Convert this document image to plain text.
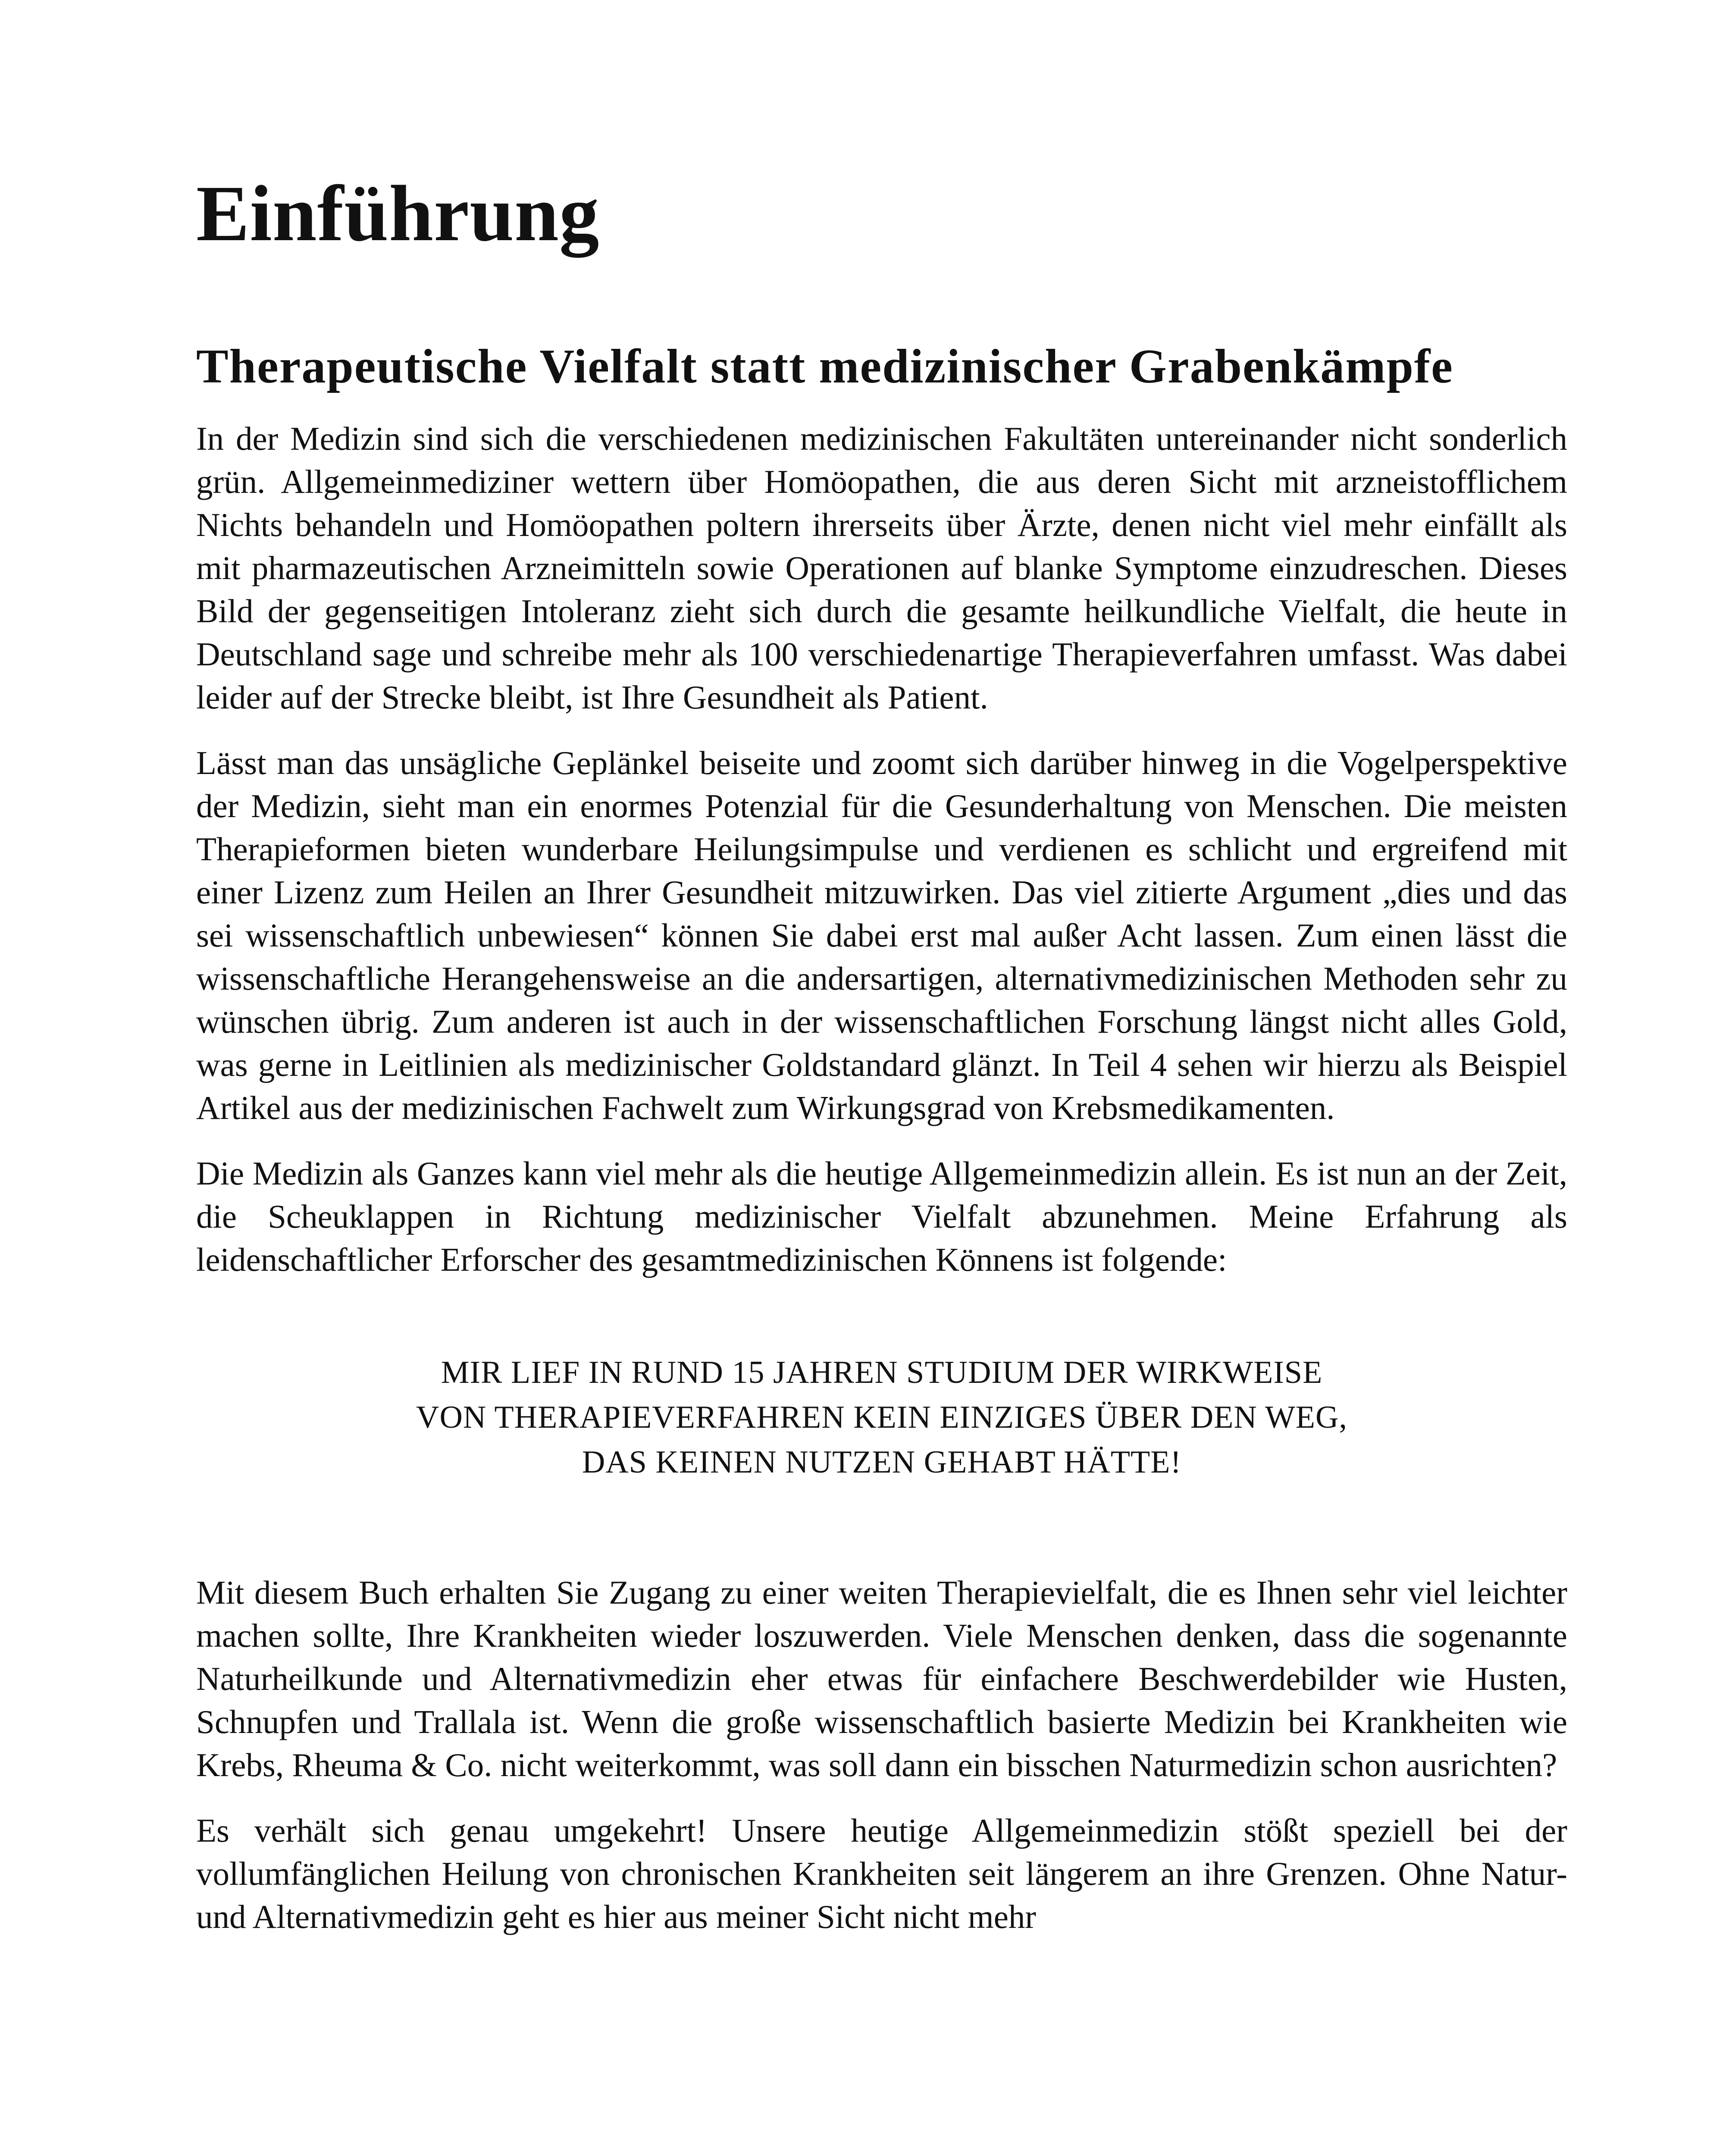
Einführung
Therapeutische Vielfalt statt medizinischer Grabenkämpfe

In der Medizin sind sich die verschiedenen medizinischen Fakultäten untereinander nicht sonderlich grün. Allgemeinmediziner wettern über Homöopathen, die aus deren Sicht mit arzneistofflichem Nichts behandeln und Homöopathen poltern ihrerseits über Ärzte, denen nicht viel mehr einfällt als mit pharmazeutischen Arzneimitteln sowie Operationen auf blanke Symptome einzudreschen. Dieses Bild der gegenseitigen Intoleranz zieht sich durch die gesamte heilkundliche Vielfalt, die heute in Deutschland sage und schreibe mehr als 100 verschiedenartige Therapieverfahren umfasst. Was dabei leider auf der Strecke bleibt, ist Ihre Gesundheit als Patient.

Lässt man das unsägliche Geplänkel beiseite und zoomt sich darüber hinweg in die Vogelperspektive der Medizin, sieht man ein enormes Potenzial für die Gesunderhaltung von Menschen. Die meisten Therapieformen bieten wunderbare Heilungsimpulse und verdienen es schlicht und ergreifend mit einer Lizenz zum Heilen an Ihrer Gesundheit mitzuwirken. Das viel zitierte Argument „dies und das sei wissenschaftlich unbewiesen“ können Sie dabei erst mal außer Acht lassen. Zum einen lässt die wissenschaftliche Herangehensweise an die andersartigen, alternativmedizinischen Methoden sehr zu wünschen übrig. Zum anderen ist auch in der wissenschaftlichen Forschung längst nicht alles Gold, was gerne in Leitlinien als medizinischer Goldstandard glänzt. In Teil 4 sehen wir hierzu als Beispiel Artikel aus der medizinischen Fachwelt zum Wirkungsgrad von Krebsmedikamenten.

Die Medizin als Ganzes kann viel mehr als die heutige Allgemeinmedizin allein. Es ist nun an der Zeit, die Scheuklappen in Richtung medizinischer Vielfalt abzunehmen. Meine Erfahrung als leidenschaftlicher Erforscher des gesamtmedizinischen Könnens ist folgende:

MIR LIEF IN RUND 15 JAHREN STUDIUM DER WIRKWEISE
VON THERAPIEVERFAHREN KEIN EINZIGES ÜBER DEN WEG,
DAS KEINEN NUTZEN GEHABT HÄTTE!

Mit diesem Buch erhalten Sie Zugang zu einer weiten Therapievielfalt, die es Ihnen sehr viel leichter machen sollte, Ihre Krankheiten wieder loszuwerden. Viele Menschen denken, dass die sogenannte Naturheilkunde und Alternativmedizin eher etwas für einfachere Beschwerdebilder wie Husten, Schnupfen und Trallala ist. Wenn die große wissenschaftlich basierte Medizin bei Krankheiten wie Krebs, Rheuma & Co. nicht weiterkommt, was soll dann ein bisschen Naturmedizin schon ausrichten?

Es verhält sich genau umgekehrt! Unsere heutige Allgemeinmedizin stößt speziell bei der vollumfänglichen Heilung von chronischen Krankheiten seit längerem an ihre Grenzen. Ohne Natur- und Alternativmedizin geht es hier aus meiner Sicht nicht mehr
